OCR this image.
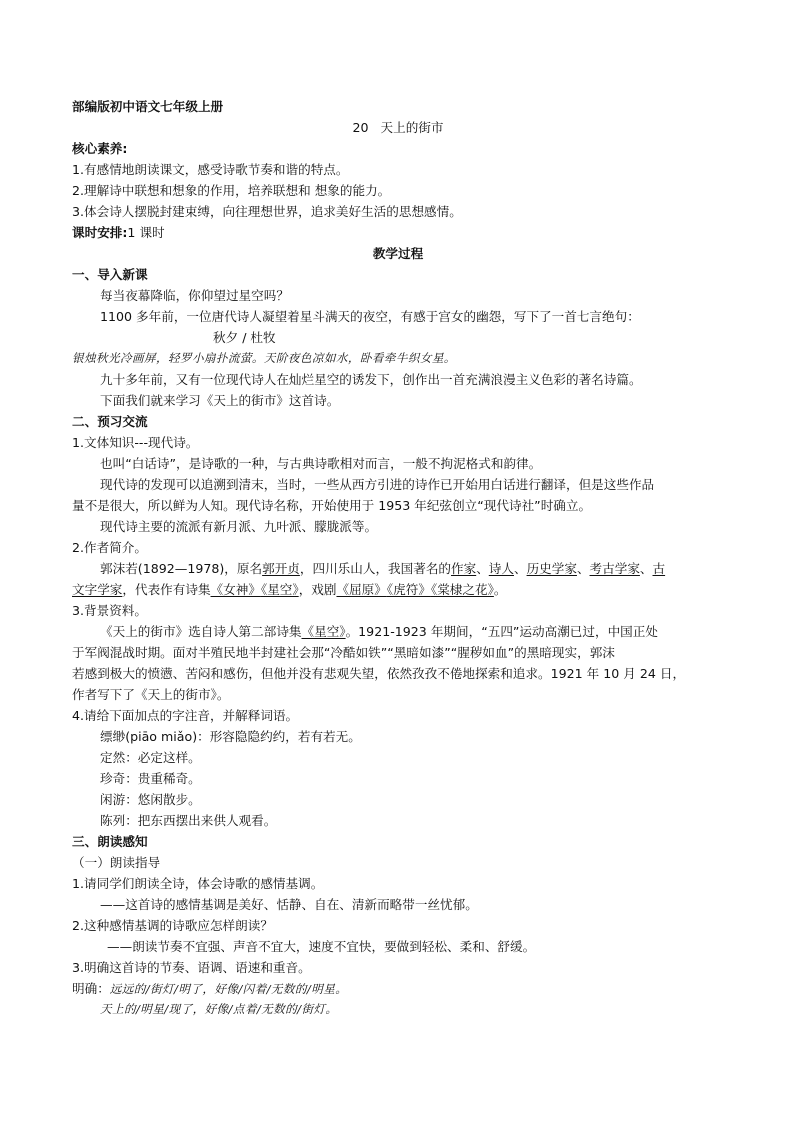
部编版初中语文七年级上册
20 天上的街市
核心素养:
1.有感情地朗读课文，感受诗歌节奏和谐的特点。
2.理解诗中联想和想象的作用，培养联想和 想象的能力。
3.体会诗人摆脱封建束缚，向往理想世界，追求美好生活的思想感情。
课时安排:1 课时
教学过程
一、导入新课
每当夜幕降临，你仰望过星空吗？
1100 多年前，一位唐代诗人凝望着星斗满天的夜空，有感于宫女的幽怨，写下了一首七言绝句：
秋夕 / 杜牧
银烛秋光冷画屏，轻罗小扇扑流萤。天阶夜色凉如水，卧看牵牛织女星。
九十多年前，又有一位现代诗人在灿烂星空的诱发下，创作出一首充满浪漫主义色彩的著名诗篇。
下面我们就来学习《天上的街市》这首诗。
二、预习交流
1.文体知识---现代诗。
也叫“白话诗”，是诗歌的一种，与古典诗歌相对而言，一般不拘泥格式和韵律。
现代诗的发现可以追溯到清末，当时，一些从西方引进的诗作已开始用白话进行翻译，但是这些作品
量不是很大，所以鲜为人知。现代诗名称，开始使用于 1953 年纪弦创立“现代诗社”时确立。
现代诗主要的流派有新月派、九叶派、朦胧派等。
2.作者简介。
郭沫若(1892—1978)，原名郭开贞，四川乐山人，我国著名的作家、诗人、历史学家、考古学家、古
文字学家，代表作有诗集《女神》《星空》，戏剧《屈原》《虎符》《棠棣之花》。
3.背景资料。
《天上的街市》选自诗人第二部诗集《星空》。1921-1923 年期间，“五四”运动高潮已过，中国正处
于军阀混战时期。面对半殖民地半封建社会那“冷酷如铁”“黑暗如漆”“腥秽如血”的黑暗现实，郭沫
若感到极大的愤懑、苦闷和感伤，但他并没有悲观失望，依然孜孜不倦地探索和追求。1921 年 10 月 24 日，
作者写下了《天上的街市》。
4.请给下面加点的字注音，并解释词语。
缥缈(piāo miǎo)：形容隐隐约约，若有若无。
定然：必定这样。
珍奇：贵重稀奇。
闲游：悠闲散步。
陈列：把东西摆出来供人观看。
三、朗读感知
（一）朗读指导
1.请同学们朗读全诗，体会诗歌的感情基调。
——这首诗的感情基调是美好、恬静、自在、清新而略带一丝忧郁。
2.这种感情基调的诗歌应怎样朗读？
——朗读节奏不宜强、声音不宜大，速度不宜快，要做到轻松、柔和、舒缓。
3.明确这首诗的节奏、语调、语速和重音。
明确：远远的/街灯/明了，好像/闪着/无数的/明星。
天上的/明星/现了，好像/点着/无数的/街灯。
